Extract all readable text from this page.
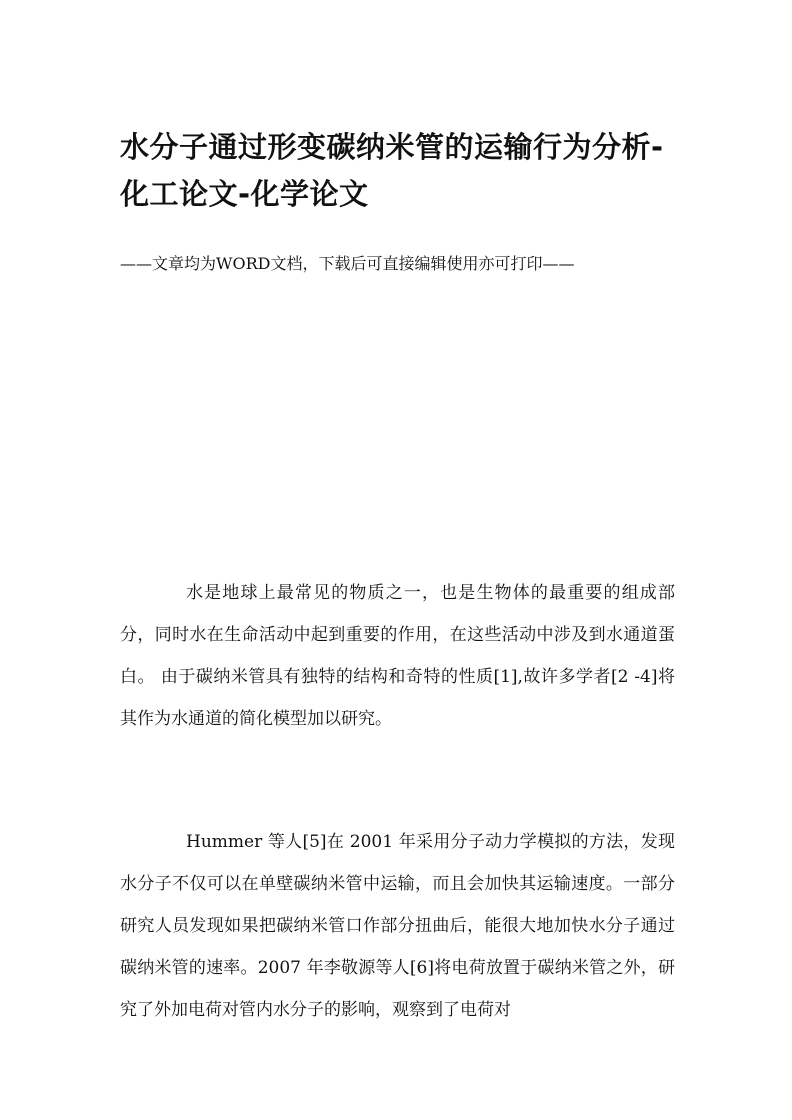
水分子通过形变碳纳米管的运输行为分析-化工论文-化学论文

——文章均为WORD文档，下载后可直接编辑使用亦可打印——

水是地球上最常见的物质之一，也是生物体的最重要的组成部分，同时水在生命活动中起到重要的作用，在这些活动中涉及到水通道蛋白。 由于碳纳米管具有独特的结构和奇特的性质[1],故许多学者[2 -4]将其作为水通道的简化模型加以研究。

Hummer 等人[5]在 2001 年采用分子动力学模拟的方法，发现水分子不仅可以在单壁碳纳米管中运输，而且会加快其运输速度。一部分研究人员发现如果把碳纳米管口作部分扭曲后，能很大地加快水分子通过碳纳米管的速率。2007 年李敬源等人[6]将电荷放置于碳纳米管之外，研究了外加电荷对管内水分子的影响，观察到了电荷对
